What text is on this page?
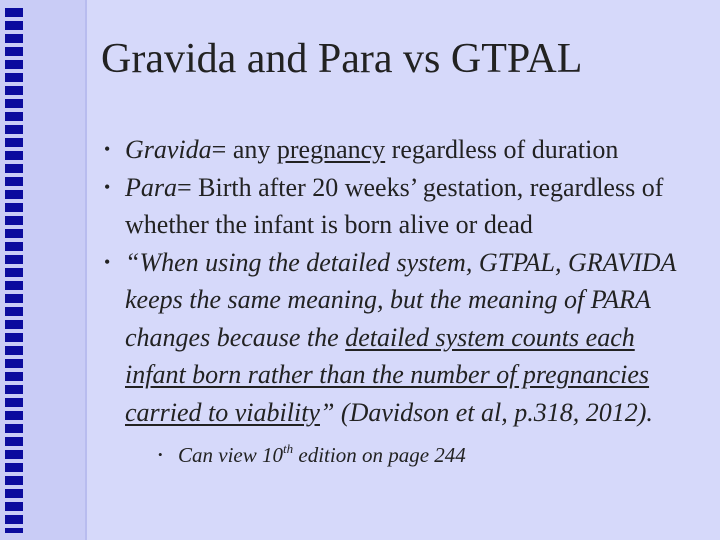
Gravida and Para vs GTPAL
• Gravida= any pregnancy regardless of duration
• Para= Birth after 20 weeks’ gestation, regardless of whether the infant is born alive or dead
• “When using the detailed system, GTPAL, GRAVIDA keeps the same meaning, but the meaning of PARA changes because the detailed system counts each infant born rather than the number of pregnancies carried to viability” (Davidson et al, p.318, 2012).
• Can view 10th edition on page 244
